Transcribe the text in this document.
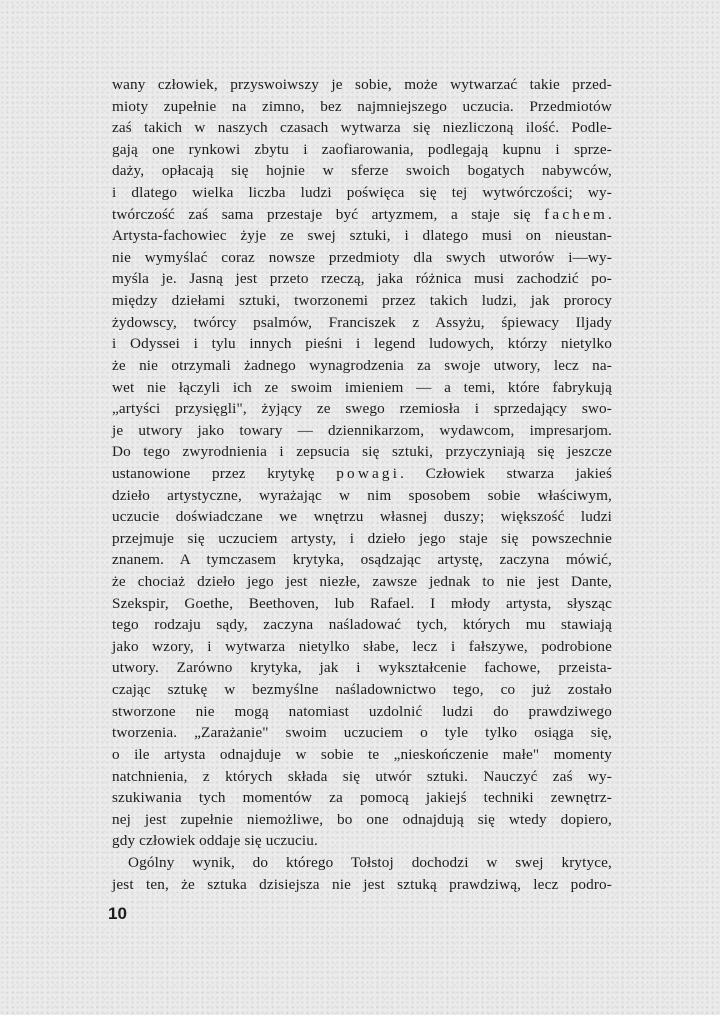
wany człowiek, przyswoiwszy je sobie, może wytwarzać takie przed-
mioty zupełnie na zimno, bez najmniejszego uczucia. Przedmiotów
zaś takich w naszych czasach wytwarza się niezliczoną ilość. Podle-
gają one rynkowi zbytu i zaofiarowania, podlegają kupnu i sprze-
daży, opłacają się hojnie w sferze swoich bogatych nabywców,
i dlatego wielka liczba ludzi poświęca się tej wytwórczości; wy-
twórczość zaś sama przestaje być artyzmem, a staje się fachem.
Artysta-fachowiec żyje ze swej sztuki, i dlatego musi on nieustan-
nie wymyślać coraz nowsze przedmioty dla swych utworów i—wy-
myśla je. Jasną jest przeto rzeczą, jaka różnica musi zachodzić po-
między dziełami sztuki, tworzonemi przez takich ludzi, jak prorocy
żydowscy, twórcy psalmów, Franciszek z Assyżu, śpiewacy Iljady
i Odyssei i tylu innych pieśni i legend ludowych, którzy nietylko
że nie otrzymali żadnego wynagrodzenia za swoje utwory, lecz na-
wet nie łączyli ich ze swoim imieniem — a temi, które fabrykują
„artyści przysięgli", żyjący ze swego rzemiosła i sprzedający swo-
je utwory jako towary — dziennikarzom, wydawcom, impresarjom.
Do tego zwyrodnienia i zepsucia się sztuki, przyczyniają się jeszcze
ustanowione przez krytykę powagi. Człowiek stwarza jakieś
dzieło artystyczne, wyrażając w nim sposobem sobie właściwym,
uczucie doświadczane we wnętrzu własnej duszy; większość ludzi
przejmuje się uczuciem artysty, i dzieło jego staje się powszechnie
znanem. A tymczasem krytyka, osądzając artystę, zaczyna mówić,
że chociaż dzieło jego jest niezłe, zawsze jednak to nie jest Dante,
Szekspir, Goethe, Beethoven, lub Rafael. I młody artysta, słysząc
tego rodzaju sądy, zaczyna naśladować tych, których mu stawiają
jako wzory, i wytwarza nietylko słabe, lecz i fałszywe, podrobione
utwory. Zarówno krytyka, jak i wykształcenie fachowe, przeista-
czając sztukę w bezmyślne naśladownictwo tego, co już zostało
stworzone nie mogą natomiast uzdolnić ludzi do prawdziwego
tworzenia. „Zarażanie" swoim uczuciem o tyle tylko osiąga się,
o ile artysta odnajduje w sobie te „nieskończenie małe" momenty
natchnienia, z których składa się utwór sztuki. Nauczyć zaś wy-
szukiwania tych momentów za pomocą jakiejś techniki zewnętrz-
nej jest zupełnie niemożliwe, bo one odnajdują się wtedy dopiero,
gdy człowiek oddaje się uczuciu.
Ogólny wynik, do którego Tołstoj dochodzi w swej krytyce,
jest ten, że sztuka dzisiejsza nie jest sztuką prawdziwą, lecz podro-
10
